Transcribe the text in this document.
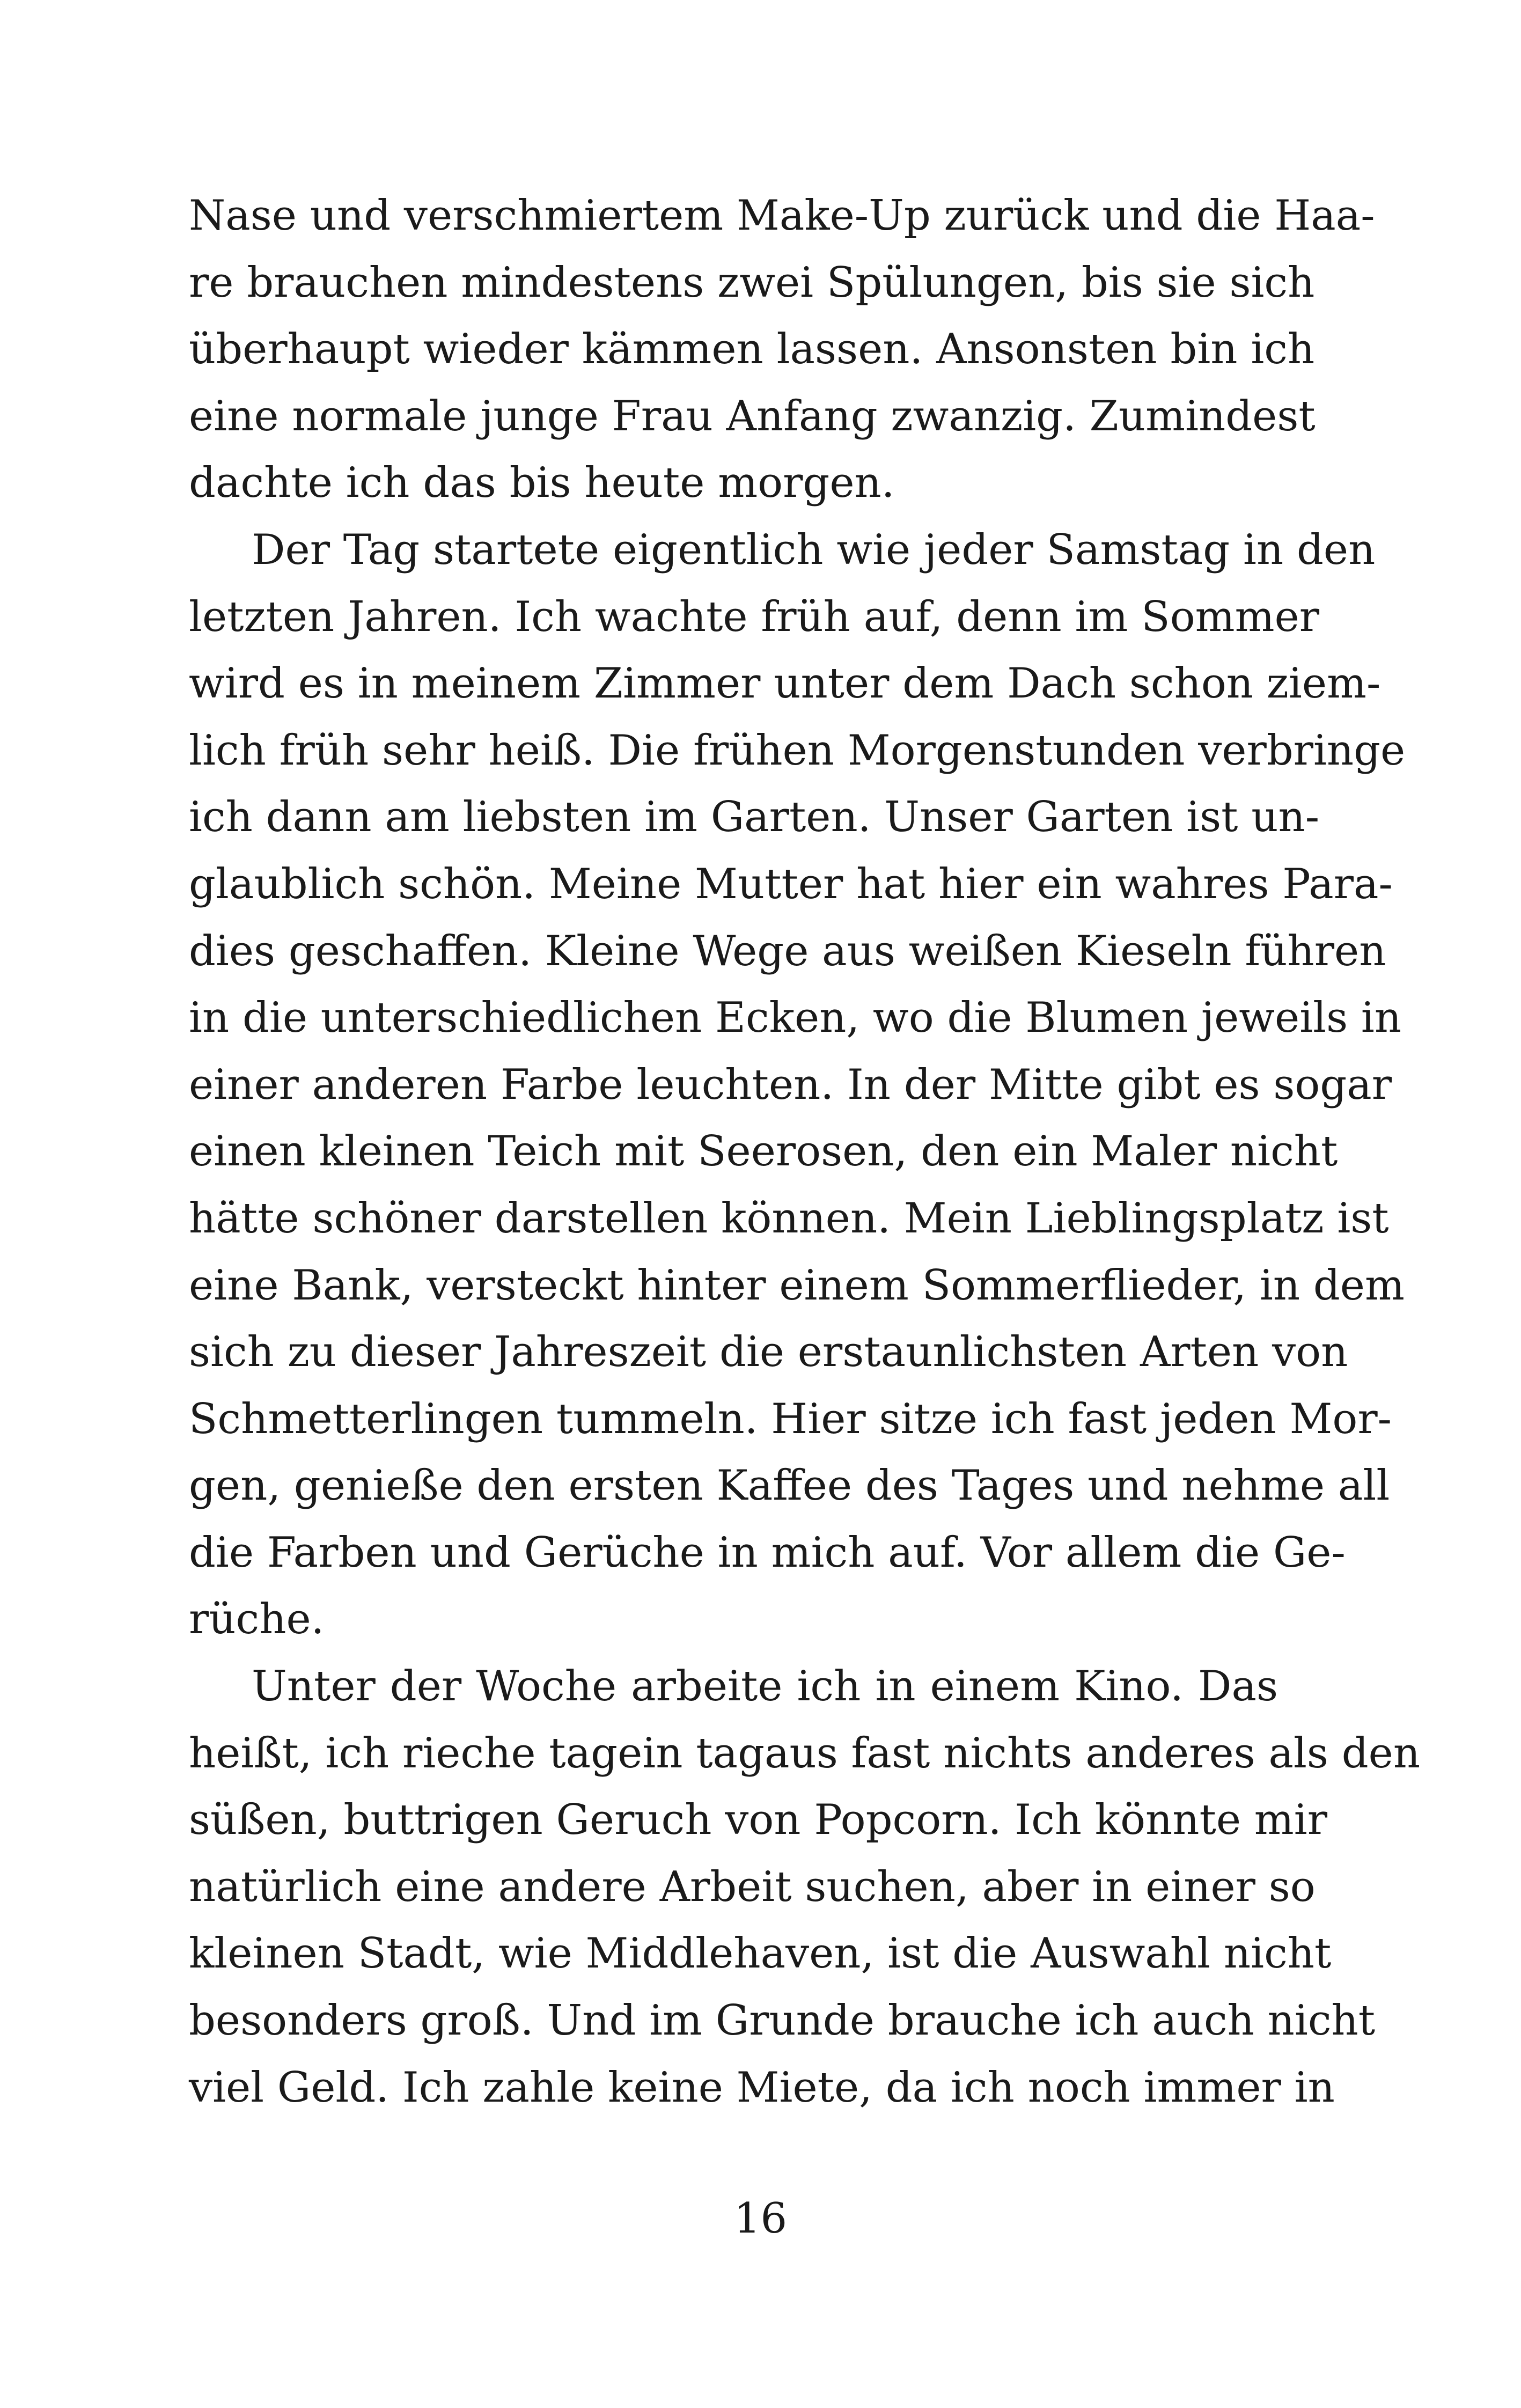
Nase und verschmiertem Make-Up zurück und die Haa-
re brauchen mindestens zwei Spülungen, bis sie sich
überhaupt wieder kämmen lassen. Ansonsten bin ich
eine normale junge Frau Anfang zwanzig. Zumindest
dachte ich das bis heute morgen.
Der Tag startete eigentlich wie jeder Samstag in den
letzten Jahren. Ich wachte früh auf, denn im Sommer
wird es in meinem Zimmer unter dem Dach schon ziem-
lich früh sehr heiß. Die frühen Morgenstunden verbringe
ich dann am liebsten im Garten. Unser Garten ist un-
glaublich schön. Meine Mutter hat hier ein wahres Para-
dies geschaffen. Kleine Wege aus weißen Kieseln führen
in die unterschiedlichen Ecken, wo die Blumen jeweils in
einer anderen Farbe leuchten. In der Mitte gibt es sogar
einen kleinen Teich mit Seerosen, den ein Maler nicht
hätte schöner darstellen können. Mein Lieblingsplatz ist
eine Bank, versteckt hinter einem Sommerflieder, in dem
sich zu dieser Jahreszeit die erstaunlichsten Arten von
Schmetterlingen tummeln. Hier sitze ich fast jeden Mor-
gen, genieße den ersten Kaffee des Tages und nehme all
die Farben und Gerüche in mich auf. Vor allem die Ge-
rüche.
Unter der Woche arbeite ich in einem Kino. Das
heißt, ich rieche tagein tagaus fast nichts anderes als den
süßen, buttrigen Geruch von Popcorn. Ich könnte mir
natürlich eine andere Arbeit suchen, aber in einer so
kleinen Stadt, wie Middlehaven, ist die Auswahl nicht
besonders groß. Und im Grunde brauche ich auch nicht
viel Geld. Ich zahle keine Miete, da ich noch immer in
16
